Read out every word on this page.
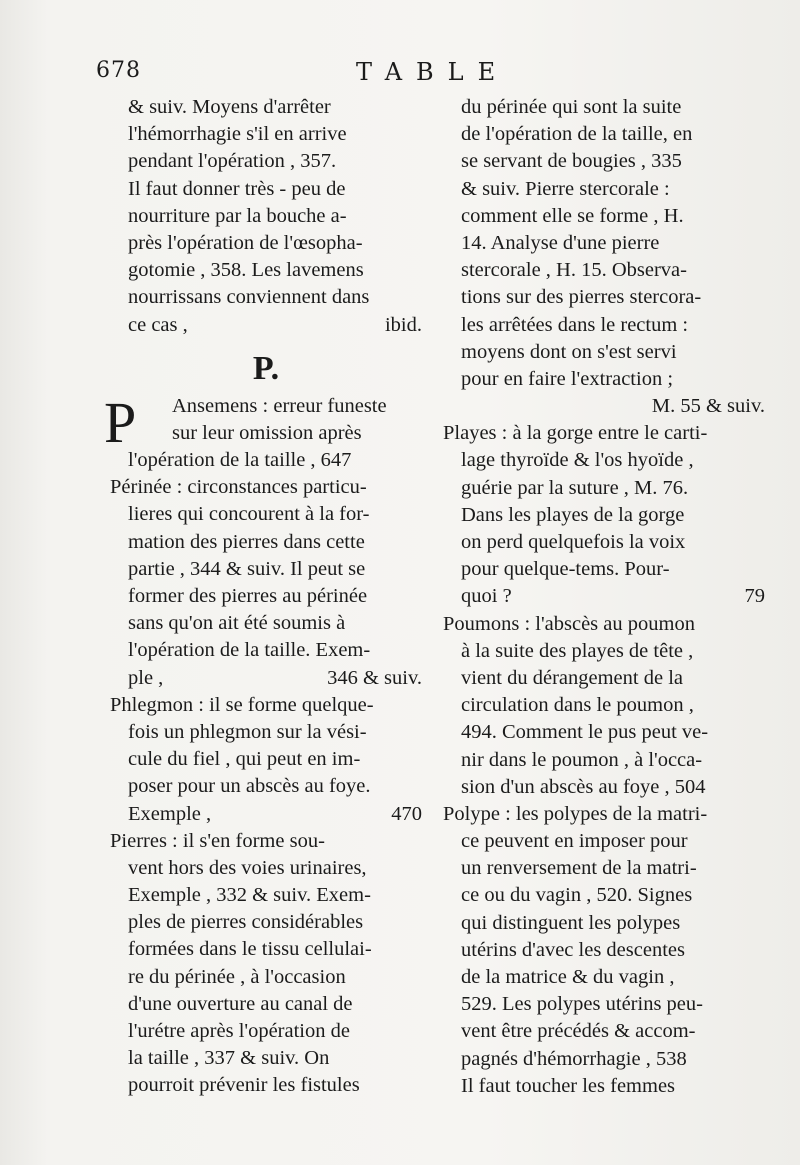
678	TABLE
& suiv. Moyens d'arrêter
l'hémorrhagie s'il en arrive
pendant l'opération , 357.
Il faut donner très - peu de
nourriture par la bouche a-
près l'opération de l'œsopha-
gotomie , 358. Les lavemens
nourrissans conviennent dans
ce cas ,	ibid.
P.
P Ansemens : erreur funeste
sur leur omission après
l'opération de la taille , 647
Périnée : circonstances particu-
lieres qui concourent à la for-
mation des pierres dans cette
partie , 344 & suiv. Il peut se
former des pierres au périnée
sans qu'on ait été soumis à
l'opération de la taille. Exem-
ple ,	346 & suiv.
Phlegmon : il se forme quelque-
fois un phlegmon sur la vési-
cule du fiel , qui peut en im-
poser pour un abscès au foye.
Exemple ,	470
Pierres : il s'en forme sou-
vent hors des voies urinaires,
Exemple , 332 & suiv. Exem-
ples de pierres considérables
formées dans le tissu cellulai-
re du périnée , à l'occasion
d'une ouverture au canal de
l'urétre après l'opération de
la taille , 337 & suiv. On
pourroit prévenir les fistules
du périnée qui sont la suite
de l'opération de la taille, en
se servant de bougies , 335
& suiv. Pierre stercorale :
comment elle se forme , H.
14. Analyse d'une pierre
stercorale , H. 15. Observa-
tions sur des pierres stercora-
les arrêtées dans le rectum :
moyens dont on s'est servi
pour en faire l'extraction ;
M. 55 & suiv.
Playes : à la gorge entre le carti-
lage thyroïde & l'os hyoïde ,
guérie par la suture , M. 76.
Dans les playes de la gorge
on perd quelquefois la voix
pour quelque-tems. Pour-
quoi ?	79
Poumons : l'abscès au poumon
à la suite des playes de tête ,
vient du dérangement de la
circulation dans le poumon ,
494. Comment le pus peut ve-
nir dans le poumon , à l'occa-
sion d'un abscès au foye , 504
Polype : les polypes de la matri-
ce peuvent en imposer pour
un renversement de la matri-
ce ou du vagin , 520. Signes
qui distinguent les polypes
utérins d'avec les descentes
de la matrice & du vagin ,
529. Les polypes utérins peu-
vent être précédés & accom-
pagnés d'hémorrhagie , 538
Il faut toucher les femmes
